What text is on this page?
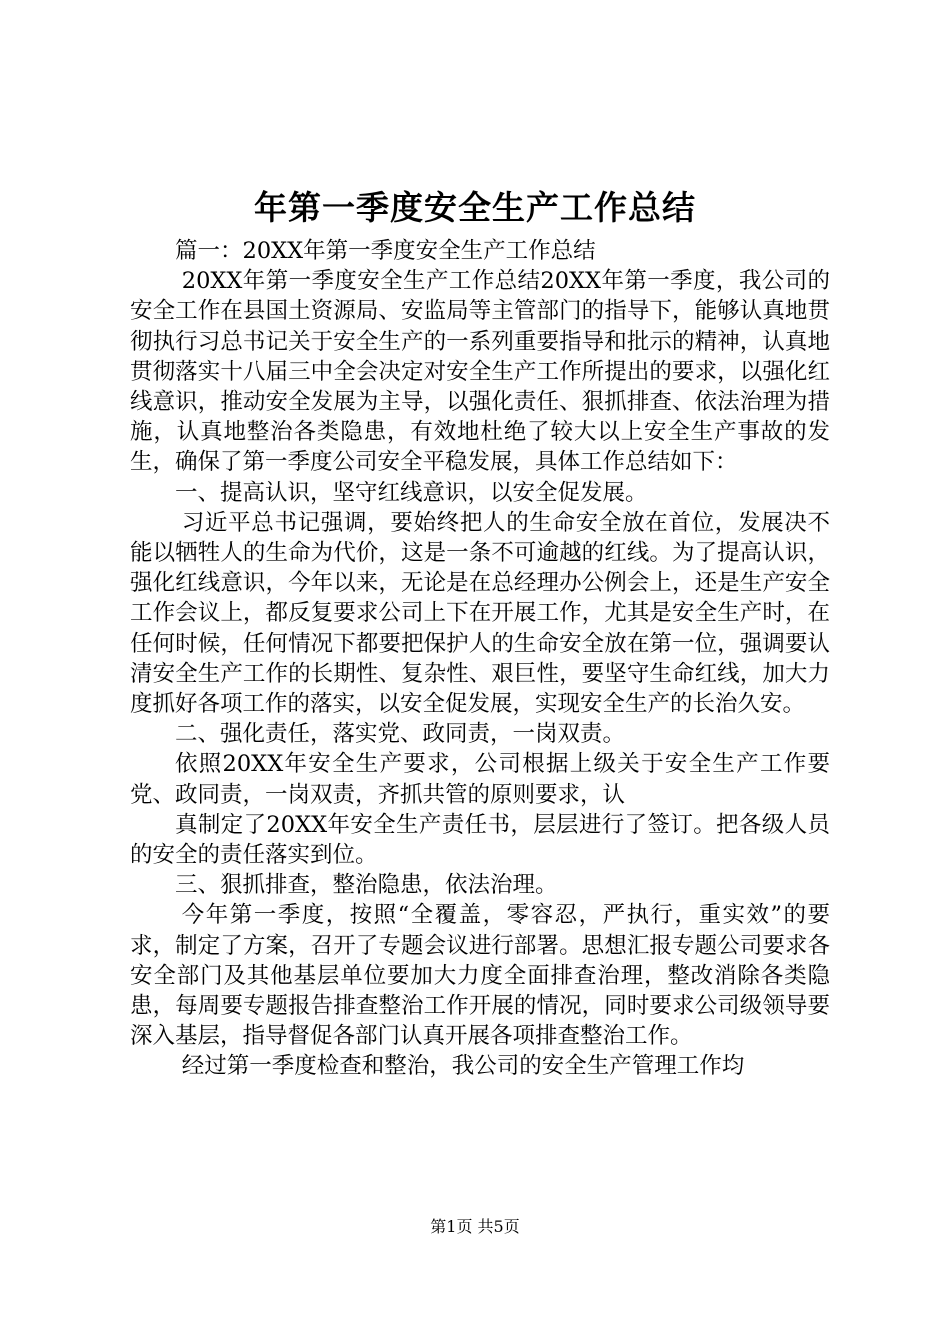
年第一季度安全生产工作总结

篇一：20XX年第一季度安全生产工作总结

20XX年第一季度安全生产工作总结20XX年第一季度，我公司的安全工作在县国土资源局、安监局等主管部门的指导下，能够认真地贯彻执行习总书记关于安全生产的一系列重要指导和批示的精神，认真地贯彻落实十八届三中全会决定对安全生产工作所提出的要求，以强化红线意识，推动安全发展为主导，以强化责任、狠抓排查、依法治理为措施，认真地整治各类隐患，有效地杜绝了较大以上安全生产事故的发生，确保了第一季度公司安全平稳发展，具体工作总结如下：

一、提高认识，坚守红线意识，以安全促发展。

习近平总书记强调，要始终把人的生命安全放在首位，发展决不能以牺牲人的生命为代价，这是一条不可逾越的红线。为了提高认识，强化红线意识，今年以来，无论是在总经理办公例会上，还是生产安全工作会议上，都反复要求公司上下在开展工作，尤其是安全生产时，在任何时候，任何情况下都要把保护人的生命安全放在第一位，强调要认清安全生产工作的长期性、复杂性、艰巨性，要坚守生命红线，加大力度抓好各项工作的落实，以安全促发展，实现安全生产的长治久安。

二、强化责任，落实党、政同责，一岗双责。

依照20XX年安全生产要求，公司根据上级关于安全生产工作要党、政同责，一岗双责，齐抓共管的原则要求，认

真制定了20XX年安全生产责任书，层层进行了签订。把各级人员的安全的责任落实到位。

三、狠抓排查，整治隐患，依法治理。

今年第一季度，按照“全覆盖，零容忍，严执行，重实效”的要求，制定了方案，召开了专题会议进行部署。思想汇报专题公司要求各安全部门及其他基层单位要加大力度全面排查治理，整改消除各类隐患，每周要专题报告排查整治工作开展的情况，同时要求公司级领导要深入基层，指导督促各部门认真开展各项排查整治工作。

经过第一季度检查和整治，我公司的安全生产管理工作均

第1页 共5页
